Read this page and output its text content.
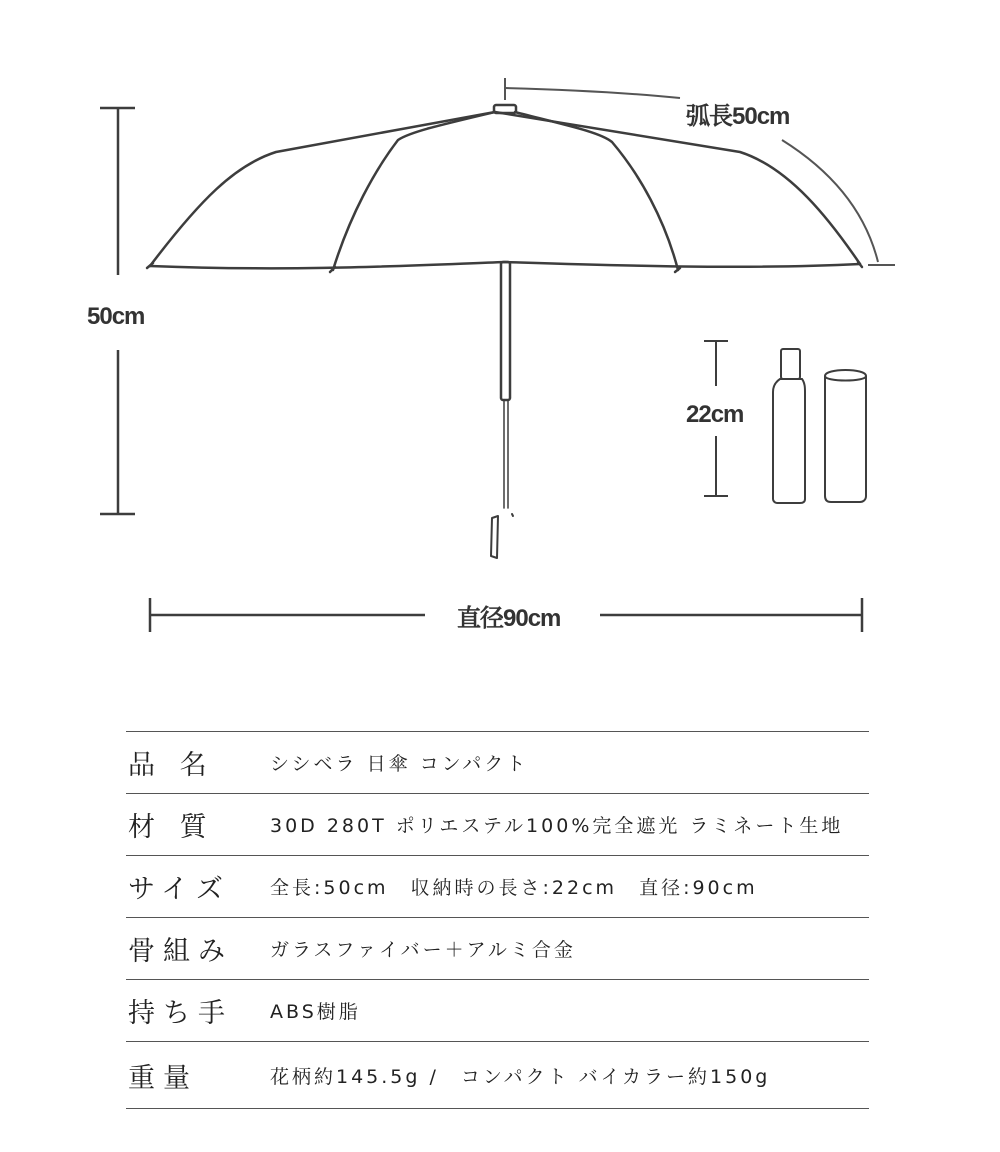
弧長50cm
50cm
22cm
直径90cm
品 名	シシベラ 日傘 コンパクト
材 質	30D 280T ポリエステル100%完全遮光 ラミネート生地
サイズ	全長:50cm　収納時の長さ:22cm　直径:90cm
骨組み	ガラスファイバー＋アルミ合金
持ち手	ABS樹脂
重量	花柄約145.5g /　コンパクト バイカラー約150g
